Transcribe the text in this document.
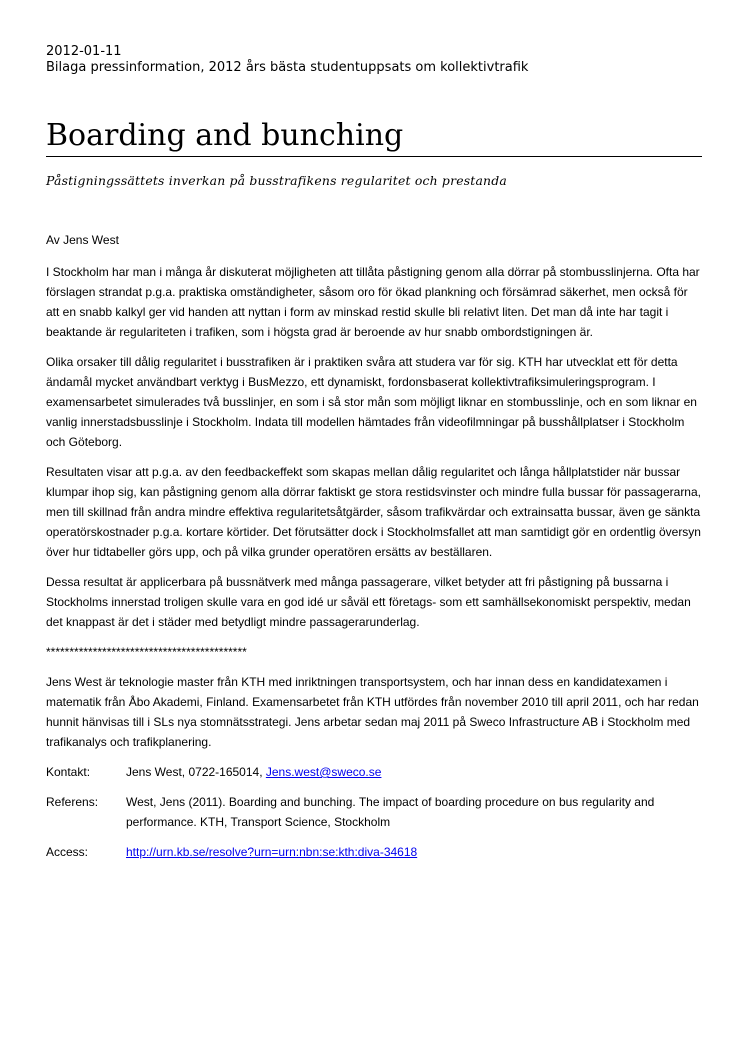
2012-01-11
Bilaga pressinformation, 2012 års bästa studentuppsats om kollektivtrafik
Boarding and bunching
Påstigningssättets inverkan på busstrafikens regularitet och prestanda

Av Jens West

I Stockholm har man i många år diskuterat möjligheten att tillåta påstigning genom alla dörrar på stombusslinjerna. Ofta har förslagen strandat p.g.a. praktiska omständigheter, såsom oro för ökad plankning och försämrad säkerhet, men också för att en snabb kalkyl ger vid handen att nyttan i form av minskad restid skulle bli relativt liten. Det man då inte har tagit i beaktande är regulariteten i trafiken, som i högsta grad är beroende av hur snabb ombordstigningen är.

Olika orsaker till dålig regularitet i busstrafiken är i praktiken svåra att studera var för sig. KTH har utvecklat ett för detta ändamål mycket användbart verktyg i BusMezzo, ett dynamiskt, fordonsbaserat kollektivtrafiksimuleringsprogram. I examensarbetet simulerades två busslinjer, en som i så stor mån som möjligt liknar en stombusslinje, och en som liknar en vanlig innerstadsbusslinje i Stockholm. Indata till modellen hämtades från videofilmningar på busshållplatser i Stockholm och Göteborg.

Resultaten visar att p.g.a. av den feedbackeffekt som skapas mellan dålig regularitet och långa hållplatstider när bussar klumpar ihop sig, kan påstigning genom alla dörrar faktiskt ge stora restidsvinster och mindre fulla bussar för passagerarna, men till skillnad från andra mindre effektiva regularitetsåtgärder, såsom trafikvärdar och extrainsatta bussar, även ge sänkta operatörskostnader p.g.a. kortare körtider. Det förutsätter dock i Stockholmsfallet att man samtidigt gör en ordentlig översyn över hur tidtabeller görs upp, och på vilka grunder operatören ersätts av beställaren.

Dessa resultat är applicerbara på bussnätverk med många passagerare, vilket betyder att fri påstigning på bussarna i Stockholms innerstad troligen skulle vara en god idé ur såväl ett företags- som ett samhällsekonomiskt perspektiv, medan det knappast är det i städer med betydligt mindre passagerarunderlag.

*******************************************

Jens West är teknologie master från KTH med inriktningen transportsystem, och har innan dess en kandidatexamen i matematik från Åbo Akademi, Finland. Examensarbetet från KTH utfördes från november 2010 till april 2011, och har redan hunnit hänvisas till i SLs nya stomnätsstrategi. Jens arbetar sedan maj 2011 på Sweco Infrastructure AB i Stockholm med trafikanalys och trafikplanering.

Kontakt:	Jens West, 0722-165014, Jens.west@sweco.se
Referens:	West, Jens (2011). Boarding and bunching. The impact of boarding procedure on bus regularity and performance. KTH, Transport Science, Stockholm
Access:	http://urn.kb.se/resolve?urn=urn:nbn:se:kth:diva-34618
